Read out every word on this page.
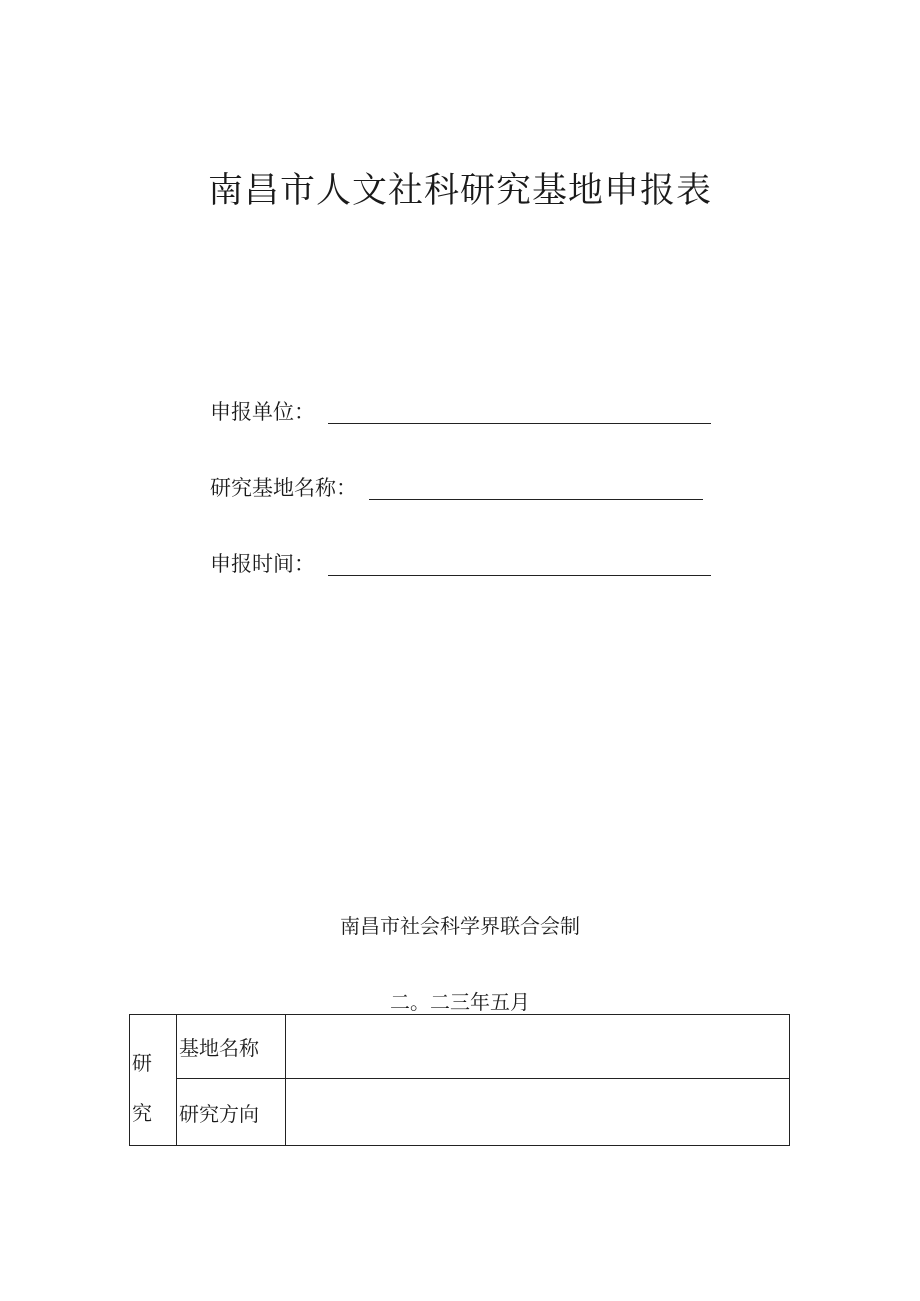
南昌市人文社科研究基地申报表
申报单位：
研究基地名称：
申报时间：
南昌市社会科学界联合会制
二。二三年五月
研究	基地名称	
	研究方向	
